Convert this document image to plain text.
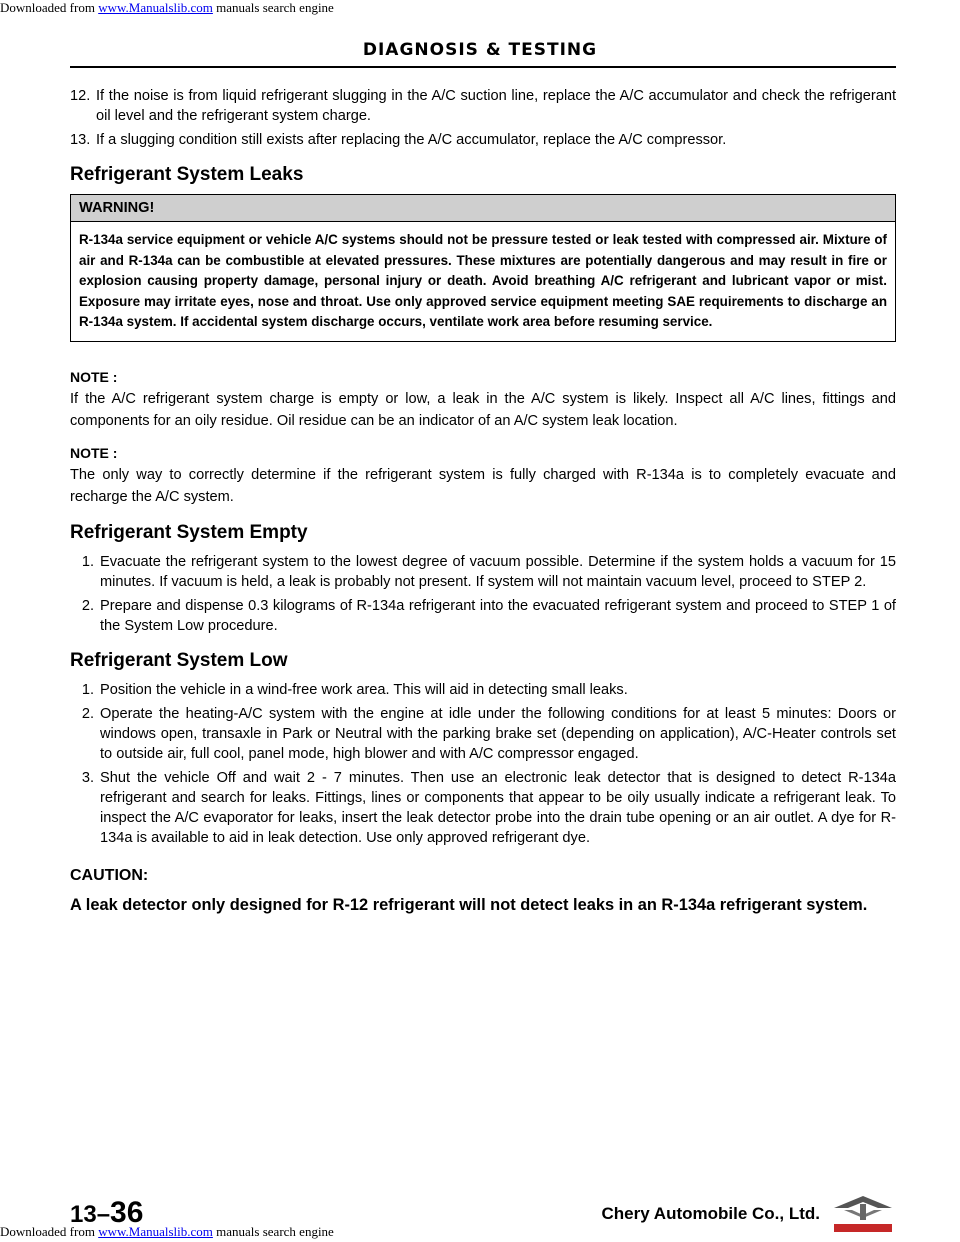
Downloaded from www.Manualslib.com manuals search engine
DIAGNOSIS & TESTING
12. If the noise is from liquid refrigerant slugging in the A/C suction line, replace the A/C accumulator and check the refrigerant oil level and the refrigerant system charge.
13. If a slugging condition still exists after replacing the A/C accumulator, replace the A/C compressor.
Refrigerant System Leaks
WARNING!
R-134a service equipment or vehicle A/C systems should not be pressure tested or leak tested with compressed air. Mixture of air and R-134a can be combustible at elevated pressures. These mixtures are potentially dangerous and may result in fire or explosion causing property damage, personal injury or death. Avoid breathing A/C refrigerant and lubricant vapor or mist. Exposure may irritate eyes, nose and throat. Use only approved service equipment meeting SAE requirements to discharge an R-134a system. If accidental system discharge occurs, ventilate work area before resuming service.
NOTE :
If the A/C refrigerant system charge is empty or low, a leak in the A/C system is likely. Inspect all A/C lines, fittings and components for an oily residue. Oil residue can be an indicator of an A/C system leak location.
NOTE :
The only way to correctly determine if the refrigerant system is fully charged with R-134a is to completely evacuate and recharge the A/C system.
Refrigerant System Empty
1. Evacuate the refrigerant system to the lowest degree of vacuum possible. Determine if the system holds a vacuum for 15 minutes. If vacuum is held, a leak is probably not present. If system will not maintain vacuum level, proceed to STEP 2.
2. Prepare and dispense 0.3 kilograms of R-134a refrigerant into the evacuated refrigerant system and proceed to STEP 1 of the System Low procedure.
Refrigerant System Low
1. Position the vehicle in a wind-free work area. This will aid in detecting small leaks.
2. Operate the heating-A/C system with the engine at idle under the following conditions for at least 5 minutes: Doors or windows open, transaxle in Park or Neutral with the parking brake set (depending on application), A/C-Heater controls set to outside air, full cool, panel mode, high blower and with A/C compressor engaged.
3. Shut the vehicle Off and wait 2 - 7 minutes. Then use an electronic leak detector that is designed to detect R-134a refrigerant and search for leaks. Fittings, lines or components that appear to be oily usually indicate a refrigerant leak. To inspect the A/C evaporator for leaks, insert the leak detector probe into the drain tube opening or an air outlet. A dye for R-134a is available to aid in leak detection. Use only approved refrigerant dye.
CAUTION:
A leak detector only designed for R-12 refrigerant will not detect leaks in an R-134a refrigerant system.
13–36	Chery Automobile Co., Ltd.
Downloaded from www.Manualslib.com manuals search engine
